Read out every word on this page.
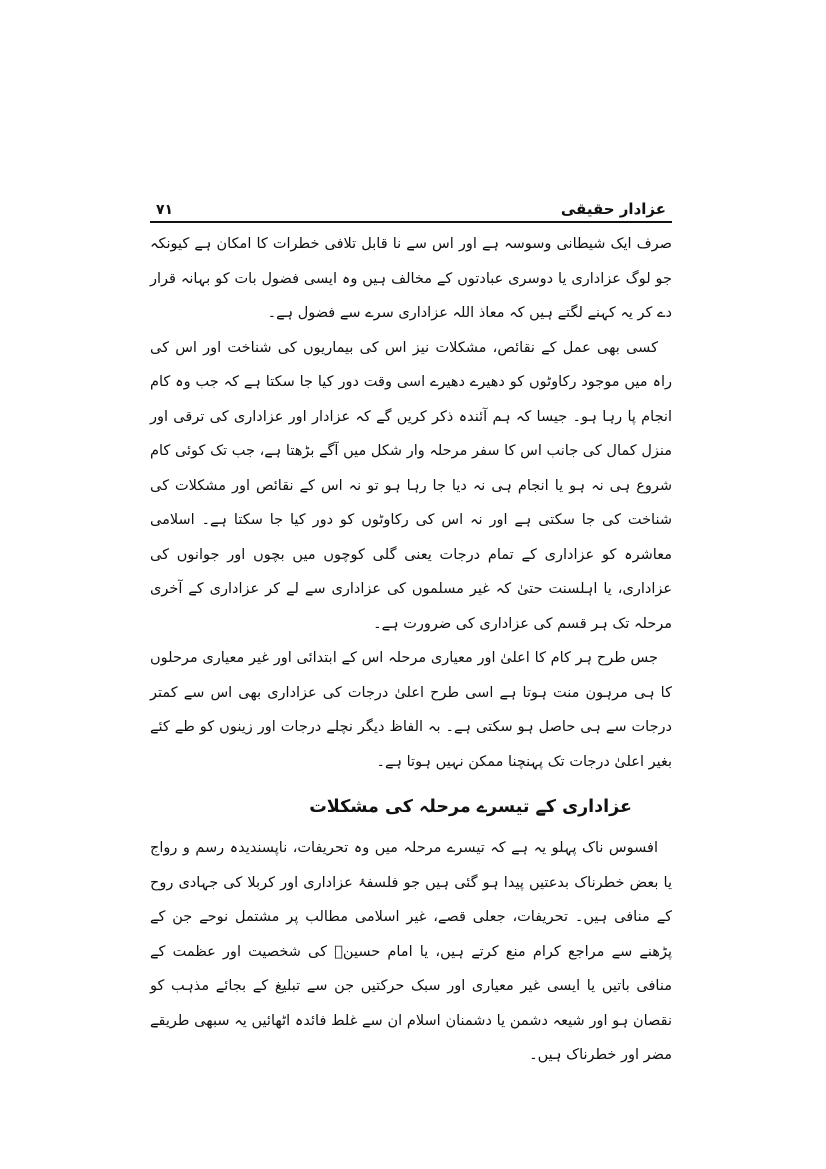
عزادار حقیقی
۷۱

صرف ایک شیطانی وسوسہ ہے اور اس سے نا قابل تلافی خطرات کا امکان ہے کیونکہ جو لوگ عزاداری یا دوسری عبادتوں کے مخالف ہیں وہ ایسی فضول بات کو بہانہ قرار دے کر یہ کہنے لگتے ہیں کہ معاذ اللہ عزاداری سرے سے فضول ہے۔

کسی بھی عمل کے نقائص، مشکلات نیز اس کی بیماریوں کی شناخت اور اس کی راہ میں موجود رکاوٹوں کو دھیرے دھیرے اسی وقت دور کیا جا سکتا ہے کہ جب وہ کام انجام پا رہا ہو۔ جیسا کہ ہم آئندہ ذکر کریں گے کہ عزادار اور عزاداری کی ترقی اور منزل کمال کی جانب اس کا سفر مرحلہ وار شکل میں آگے بڑھتا ہے، جب تک کوئی کام شروع ہی نہ ہو یا انجام ہی نہ دیا جا رہا ہو تو نہ اس کے نقائص اور مشکلات کی شناخت کی جا سکتی ہے اور نہ اس کی رکاوٹوں کو دور کیا جا سکتا ہے۔ اسلامی معاشرہ کو عزاداری کے تمام درجات یعنی گلی کوچوں میں بچوں اور جوانوں کی عزاداری، یا اہلسنت حتیٰ کہ غیر مسلموں کی عزاداری سے لے کر عزاداری کے آخری مرحلہ تک ہر قسم کی عزاداری کی ضرورت ہے۔

جس طرح ہر کام کا اعلیٰ اور معیاری مرحلہ اس کے ابتدائی اور غیر معیاری مرحلوں کا ہی مرہون منت ہوتا ہے اسی طرح اعلیٰ درجات کی عزاداری بھی اس سے کمتر درجات سے ہی حاصل ہو سکتی ہے۔ بہ الفاظ دیگر نچلے درجات اور زینوں کو طے کئے بغیر اعلیٰ درجات تک پہنچنا ممکن نہیں ہوتا ہے۔

عزاداری کے تیسرے مرحلہ کی مشکلات

افسوس ناک پہلو یہ ہے کہ تیسرے مرحلہ میں وہ تحریفات، ناپسندیدہ رسم و رواج یا بعض خطرناک بدعتیں پیدا ہو گئی ہیں جو فلسفۂ عزاداری اور کربلا کی جہادی روح کے منافی ہیں۔ تحریفات، جعلی قصے، غیر اسلامی مطالب پر مشتمل نوحے جن کے پڑھنے سے مراجع کرام منع کرتے ہیں، یا امام حسینؑ کی شخصیت اور عظمت کے منافی باتیں یا ایسی غیر معیاری اور سبک حرکتیں جن سے تبلیغ کے بجائے مذہب کو نقصان ہو اور شیعہ دشمن یا دشمنان اسلام ان سے غلط فائدہ اٹھائیں یہ سبھی طریقے مضر اور خطرناک ہیں۔
